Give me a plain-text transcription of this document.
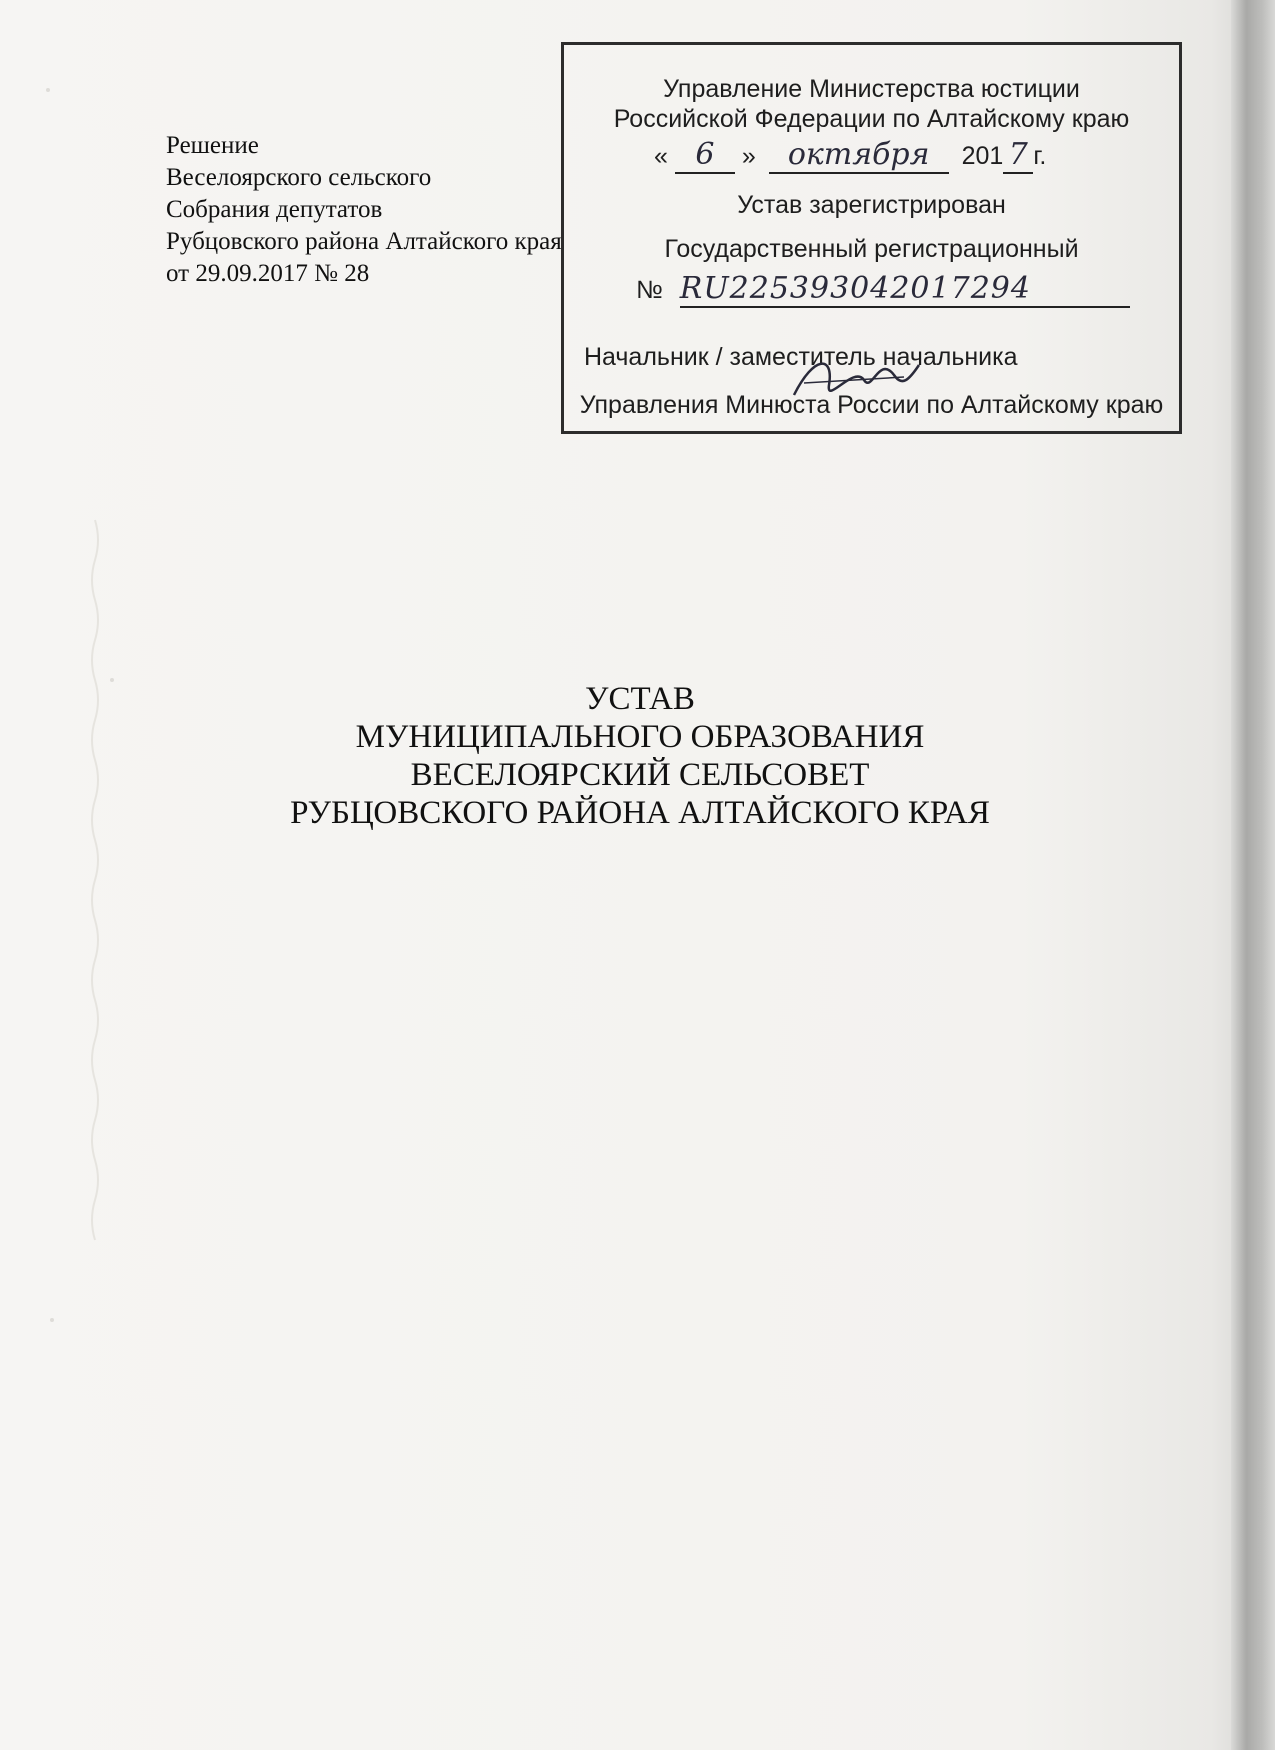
Решение
Веселоярского сельского
Собрания депутатов
Рубцовского района Алтайского края
от 29.09.2017 № 28
Управление Министерства юстиции
Российской Федерации по Алтайскому краю
« 6 » октября 201 7 г.
Устав зарегистрирован
Государственный регистрационный
№ RU225393042017294
Начальник / заместитель начальника
Управления Минюста России по Алтайскому краю
УСТАВ
МУНИЦИПАЛЬНОГО ОБРАЗОВАНИЯ
ВЕСЕЛОЯРСКИЙ СЕЛЬСОВЕТ
РУБЦОВСКОГО РАЙОНА АЛТАЙСКОГО КРАЯ
